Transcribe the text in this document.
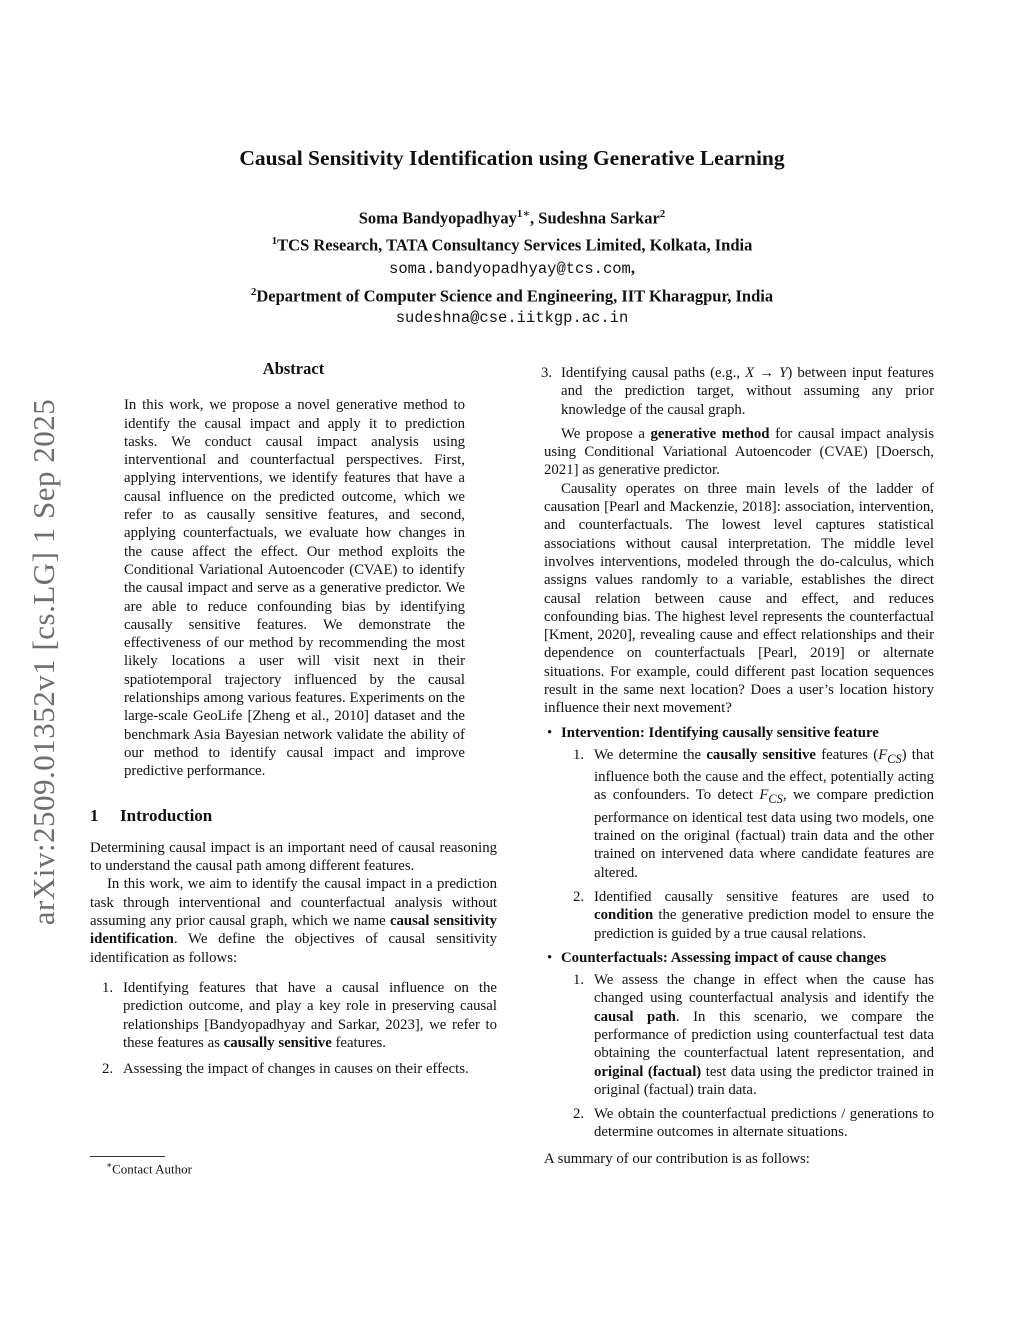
arXiv:2509.01352v1 [cs.LG] 1 Sep 2025
Causal Sensitivity Identification using Generative Learning
Soma Bandyopadhyay$^{1∗}$, Sudeshna Sarkar$^2$
$^1$TCS Research, TATA Consultancy Services Limited, Kolkata, India
soma.bandyopadhyay@tcs.com,
$^2$Department of Computer Science and Engineering, IIT Kharagpur, India
sudeshna@cse.iitkgp.ac.in
Abstract
In this work, we propose a novel generative method to identify the causal impact and apply it to prediction tasks. We conduct causal impact analysis using interventional and counterfactual perspectives. First, applying interventions, we identify features that have a causal influence on the predicted outcome, which we refer to as causally sensitive features, and second, applying counterfactuals, we evaluate how changes in the cause affect the effect. Our method exploits the Conditional Variational Autoencoder (CVAE) to identify the causal impact and serve as a generative predictor. We are able to reduce confounding bias by identifying causally sensitive features. We demonstrate the effectiveness of our method by recommending the most likely locations a user will visit next in their spatiotemporal trajectory influenced by the causal relationships among various features. Experiments on the large-scale GeoLife [Zheng et al., 2010] dataset and the benchmark Asia Bayesian network validate the ability of our method to identify causal impact and improve predictive performance.
1 Introduction

Determining causal impact is an important need of causal reasoning to understand the causal path among different features.

In this work, we aim to identify the causal impact in a prediction task through interventional and counterfactual analysis without assuming any prior causal graph, which we name causal sensitivity identification. We define the objectives of causal sensitivity identification as follows:

1. Identifying features that have a causal influence on the prediction outcome, and play a key role in preserving causal relationships [Bandyopadhyay and Sarkar, 2023], we refer to these features as causally sensitive features.
2. Assessing the impact of changes in causes on their effects.
3. Identifying causal paths (e.g., X → Y) between input features and the prediction target, without assuming any prior knowledge of the causal graph.

We propose a generative method for causal impact analysis using Conditional Variational Autoencoder (CVAE) [Doersch, 2021] as generative predictor.

Causality operates on three main levels of the ladder of causation [Pearl and Mackenzie, 2018]: association, intervention, and counterfactuals. The lowest level captures statistical associations without causal interpretation. The middle level involves interventions, modeled through the do-calculus, which assigns values randomly to a variable, establishes the direct causal relation between cause and effect, and reduces confounding bias. The highest level represents the counterfactual [Kment, 2020], revealing cause and effect relationships and their dependence on counterfactuals [Pearl, 2019] or alternate situations. For example, could different past location sequences result in the same next location? Does a user’s location history influence their next movement?

• Intervention: Identifying causally sensitive feature
1. We determine the causally sensitive features $(F_{CS})$ that influence both the cause and the effect, potentially acting as confounders. To detect $F_{CS}$, we compare prediction performance on identical test data using two models, one trained on the original (factual) train data and the other trained on intervened data where candidate features are altered.
2. Identified causally sensitive features are used to condition the generative prediction model to ensure the prediction is guided by a true causal relations.
• Counterfactuals: Assessing impact of cause changes
1. We assess the change in effect when the cause has changed using counterfactual analysis and identify the causal path. In this scenario, we compare the performance of prediction using counterfactual test data obtaining the counterfactual latent representation, and original (factual) test data using the predictor trained in original (factual) train data.
2. We obtain the counterfactual predictions / generations to determine outcomes in alternate situations.

A summary of our contribution is as follows:

∗Contact Author
